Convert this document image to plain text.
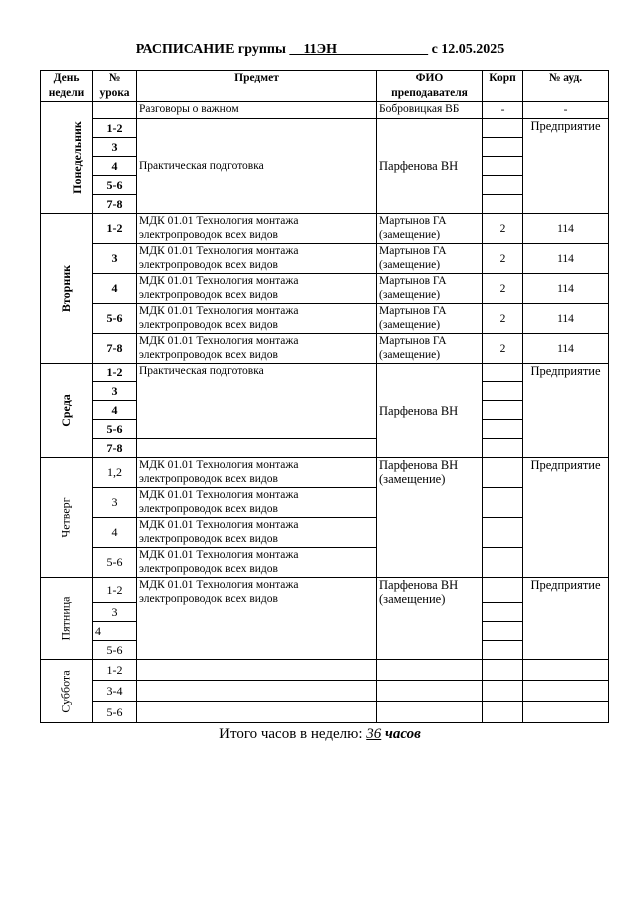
РАСПИСАНИЕ группы __11ЭН_____________ с 12.05.2025
День недели	№ урока	Предмет	ФИО преподавателя	Корп	№ ауд.
Понедельник		Разговоры о важном	Бобровицкая ВБ	-	-
	1-2	Практическая подготовка	Парфенова ВН		Предприятие
	3				
	4				
	5-6				
	7-8				
Вторник	1-2	МДК 01.01 Технология монтажа электропроводок всех видов	Мартынов ГА (замещение)	2	114
	3	МДК 01.01 Технология монтажа электропроводок всех видов	Мартынов ГА (замещение)	2	114
	4	МДК 01.01 Технология монтажа электропроводок всех видов	Мартынов ГА (замещение)	2	114
	5-6	МДК 01.01 Технология монтажа электропроводок всех видов	Мартынов ГА (замещение)	2	114
	7-8	МДК 01.01 Технология монтажа электропроводок всех видов	Мартынов ГА (замещение)	2	114
Среда	1-2	Практическая подготовка	Парфенова ВН		Предприятие
	3				
	4				
	5-6				
	7-8				
Четверг	1,2	МДК 01.01 Технология монтажа электропроводок всех видов	Парфенова ВН (замещение)		Предприятие
	3	МДК 01.01 Технология монтажа электропроводок всех видов			
	4	МДК 01.01 Технология монтажа электропроводок всех видов			
	5-6	МДК 01.01 Технология монтажа электропроводок всех видов			
Пятница	1-2	МДК 01.01 Технология монтажа электропроводок всех видов	Парфенова ВН (замещение)		Предприятие
	3				
	4				
	5-6				
Суббота	1-2				
	3-4				
	5-6				
Итого часов в неделю: 36 часов
